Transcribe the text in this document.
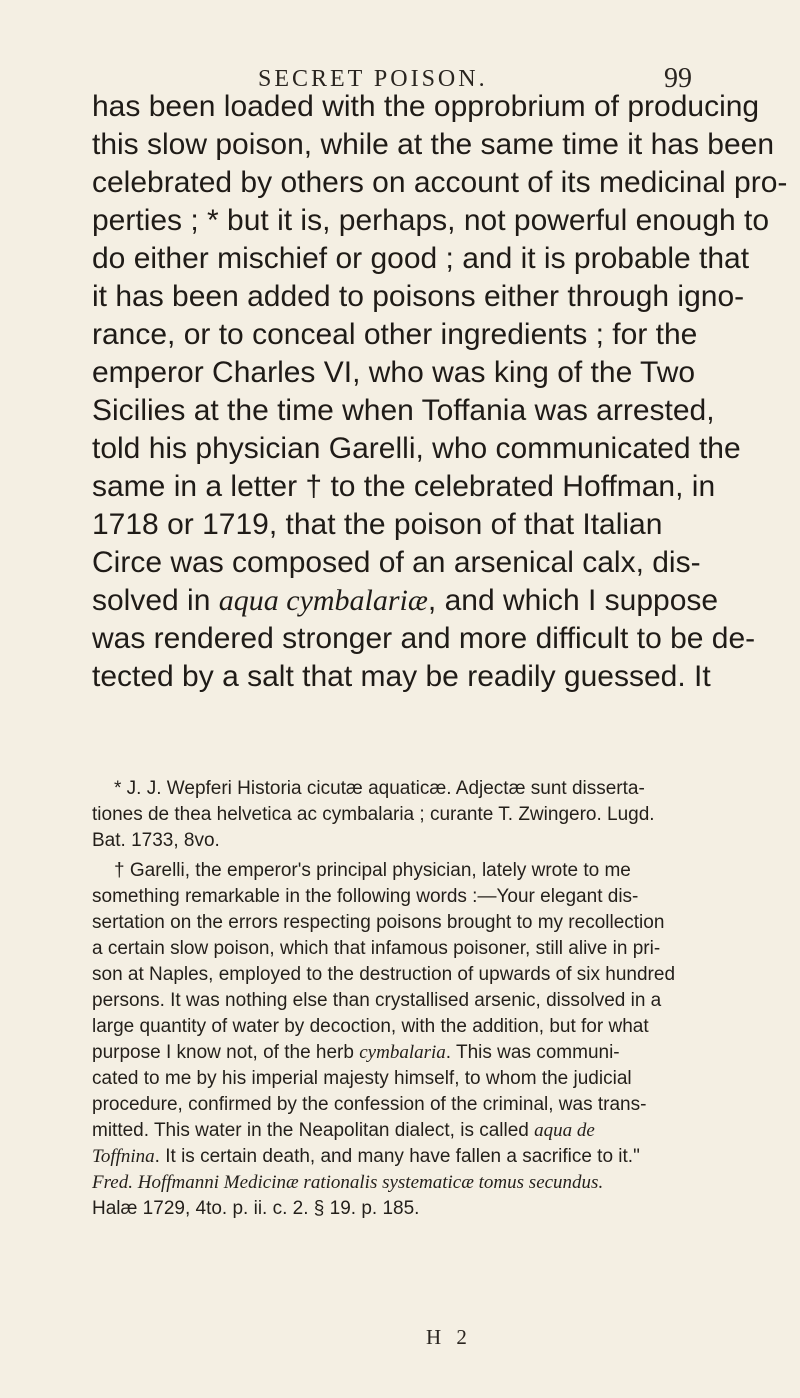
SECRET POISON.	99
has been loaded with the opprobrium of producing
this slow poison, while at the same time it has been
celebrated by others on account of its medicinal pro-
perties ; * but it is, perhaps, not powerful enough to
do either mischief or good ; and it is probable that
it has been added to poisons either through igno-
rance, or to conceal other ingredients ; for the
emperor Charles VI, who was king of the Two
Sicilies at the time when Toffania was arrested,
told his physician Garelli, who communicated the
same in a letter † to the celebrated Hoffman, in
1718 or 1719, that the poison of that Italian
Circe was composed of an arsenical calx, dis-
solved in aqua cymbalariæ, and which I suppose
was rendered stronger and more difficult to be de-
tected by a salt that may be readily guessed. It
* J. J. Wepferi Historia cicutæ aquaticæ. Adjectæ sunt disserta-
tiones de thea helvetica ac cymbalaria ; curante T. Zwingero. Lugd.
Bat. 1733, 8vo.
† Garelli, the emperor's principal physician, lately wrote to me
something remarkable in the following words :—Your elegant dis-
sertation on the errors respecting poisons brought to my recollection
a certain slow poison, which that infamous poisoner, still alive in pri-
son at Naples, employed to the destruction of upwards of six hundred
persons. It was nothing else than crystallised arsenic, dissolved in a
large quantity of water by decoction, with the addition, but for what
purpose I know not, of the herb cymbalaria. This was communi-
cated to me by his imperial majesty himself, to whom the judicial
procedure, confirmed by the confession of the criminal, was trans-
mitted. This water in the Neapolitan dialect, is called aqua de
Toffnina. It is certain death, and many have fallen a sacrifice to it."
Fred. Hoffmanni Medicinæ rationalis systematicæ tomus secundus.
Halæ 1729, 4to. p. ii. c. 2. § 19. p. 185.
H 2
